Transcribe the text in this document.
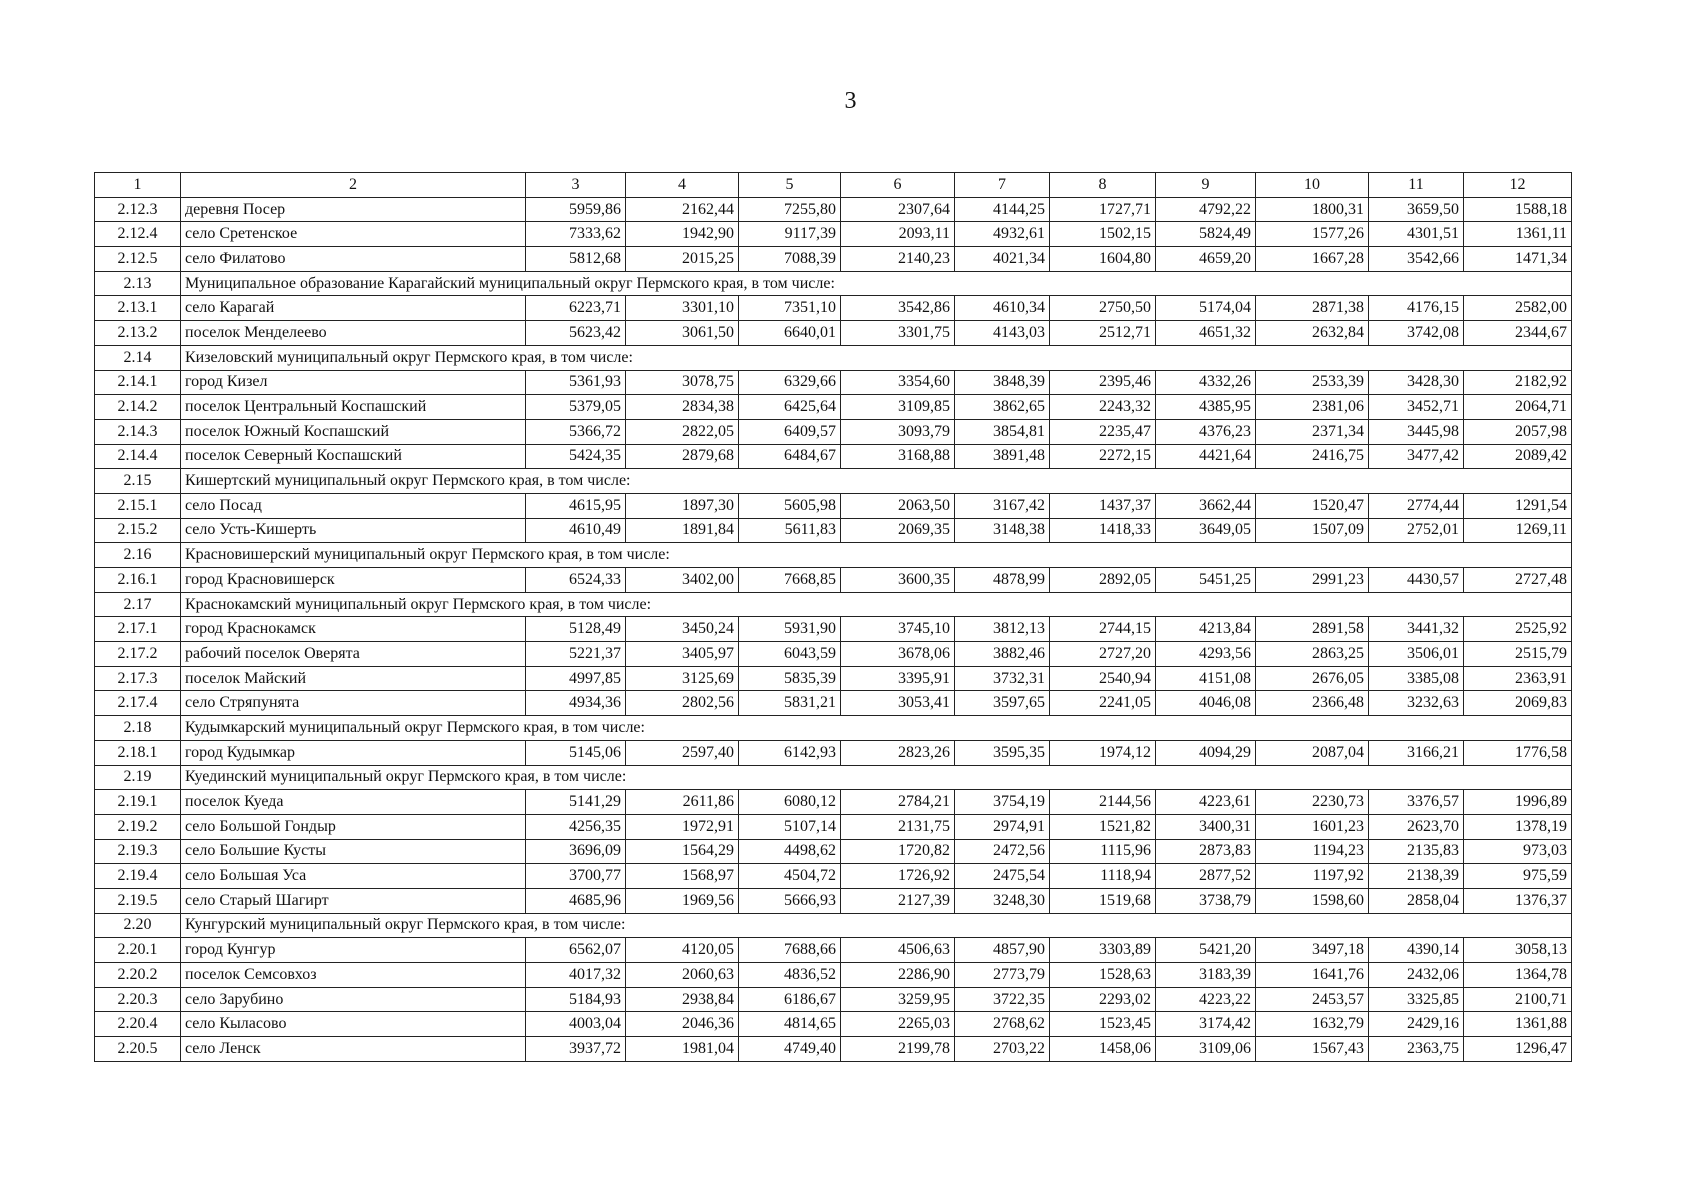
3
1	2	3	4	5	6	7	8	9	10	11	12
2.12.3	деревня Посер	5959,86	2162,44	7255,80	2307,64	4144,25	1727,71	4792,22	1800,31	3659,50	1588,18
2.12.4	село Сретенское	7333,62	1942,90	9117,39	2093,11	4932,61	1502,15	5824,49	1577,26	4301,51	1361,11
2.12.5	село Филатово	5812,68	2015,25	7088,39	2140,23	4021,34	1604,80	4659,20	1667,28	3542,66	1471,34
2.13	Муниципальное образование Карагайский муниципальный округ Пермского края, в том числе:										
2.13.1	село Карагай	6223,71	3301,10	7351,10	3542,86	4610,34	2750,50	5174,04	2871,38	4176,15	2582,00
2.13.2	поселок Менделеево	5623,42	3061,50	6640,01	3301,75	4143,03	2512,71	4651,32	2632,84	3742,08	2344,67
2.14	Кизеловский муниципальный округ Пермского края, в том числе:										
2.14.1	город Кизел	5361,93	3078,75	6329,66	3354,60	3848,39	2395,46	4332,26	2533,39	3428,30	2182,92
2.14.2	поселок Центральный Коспашский	5379,05	2834,38	6425,64	3109,85	3862,65	2243,32	4385,95	2381,06	3452,71	2064,71
2.14.3	поселок Южный Коспашский	5366,72	2822,05	6409,57	3093,79	3854,81	2235,47	4376,23	2371,34	3445,98	2057,98
2.14.4	поселок Северный Коспашский	5424,35	2879,68	6484,67	3168,88	3891,48	2272,15	4421,64	2416,75	3477,42	2089,42
2.15	Кишертский муниципальный округ Пермского края, в том числе:										
2.15.1	село Посад	4615,95	1897,30	5605,98	2063,50	3167,42	1437,37	3662,44	1520,47	2774,44	1291,54
2.15.2	село Усть-Кишерть	4610,49	1891,84	5611,83	2069,35	3148,38	1418,33	3649,05	1507,09	2752,01	1269,11
2.16	Красновишерский муниципальный округ Пермского края, в том числе:										
2.16.1	город Красновишерск	6524,33	3402,00	7668,85	3600,35	4878,99	2892,05	5451,25	2991,23	4430,57	2727,48
2.17	Краснокамский муниципальный округ Пермского края, в том числе:										
2.17.1	город Краснокамск	5128,49	3450,24	5931,90	3745,10	3812,13	2744,15	4213,84	2891,58	3441,32	2525,92
2.17.2	рабочий поселок Оверята	5221,37	3405,97	6043,59	3678,06	3882,46	2727,20	4293,56	2863,25	3506,01	2515,79
2.17.3	поселок Майский	4997,85	3125,69	5835,39	3395,91	3732,31	2540,94	4151,08	2676,05	3385,08	2363,91
2.17.4	село Стряпунята	4934,36	2802,56	5831,21	3053,41	3597,65	2241,05	4046,08	2366,48	3232,63	2069,83
2.18	Кудымкарский муниципальный округ Пермского края, в том числе:										
2.18.1	город Кудымкар	5145,06	2597,40	6142,93	2823,26	3595,35	1974,12	4094,29	2087,04	3166,21	1776,58
2.19	Куединский муниципальный округ Пермского края, в том числе:										
2.19.1	поселок Куеда	5141,29	2611,86	6080,12	2784,21	3754,19	2144,56	4223,61	2230,73	3376,57	1996,89
2.19.2	село Большой Гондыр	4256,35	1972,91	5107,14	2131,75	2974,91	1521,82	3400,31	1601,23	2623,70	1378,19
2.19.3	село Большие Кусты	3696,09	1564,29	4498,62	1720,82	2472,56	1115,96	2873,83	1194,23	2135,83	973,03
2.19.4	село Большая Уса	3700,77	1568,97	4504,72	1726,92	2475,54	1118,94	2877,52	1197,92	2138,39	975,59
2.19.5	село Старый Шагирт	4685,96	1969,56	5666,93	2127,39	3248,30	1519,68	3738,79	1598,60	2858,04	1376,37
2.20	Кунгурский муниципальный округ Пермского края, в том числе:										
2.20.1	город Кунгур	6562,07	4120,05	7688,66	4506,63	4857,90	3303,89	5421,20	3497,18	4390,14	3058,13
2.20.2	поселок Семсовхоз	4017,32	2060,63	4836,52	2286,90	2773,79	1528,63	3183,39	1641,76	2432,06	1364,78
2.20.3	село Зарубино	5184,93	2938,84	6186,67	3259,95	3722,35	2293,02	4223,22	2453,57	3325,85	2100,71
2.20.4	село Кыласово	4003,04	2046,36	4814,65	2265,03	2768,62	1523,45	3174,42	1632,79	2429,16	1361,88
2.20.5	село Ленск	3937,72	1981,04	4749,40	2199,78	2703,22	1458,06	3109,06	1567,43	2363,75	1296,47
